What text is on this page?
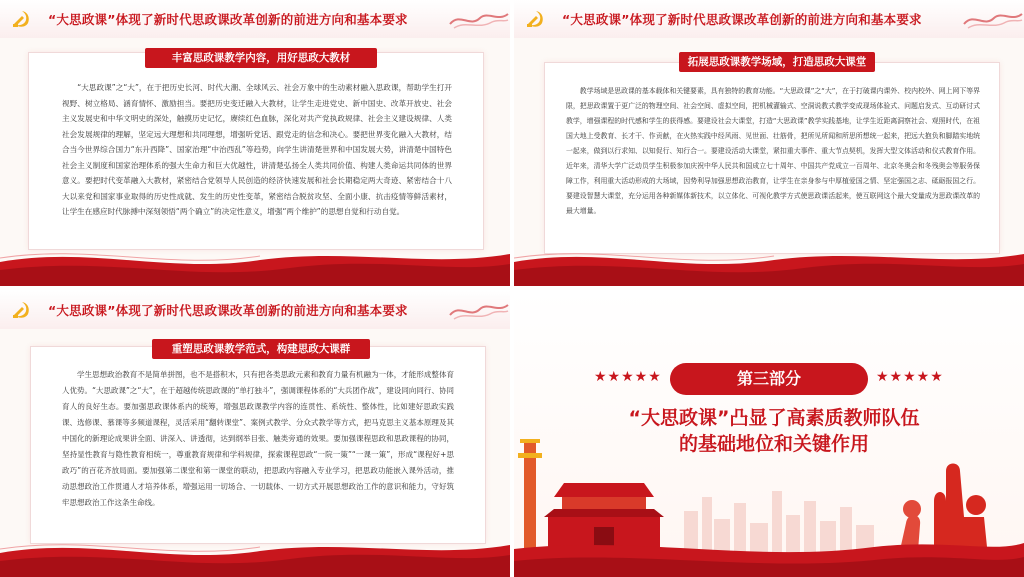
“大思政课”体现了新时代思政课改革创新的前进方向和基本要求
丰富思政课教学内容，用好思政大教材
“大思政课”之“大”，在于把历史长河、时代大潮、全球风云、社会万象中的生动素材融入思政课，帮助学生打开视野、树立格局、涵育情怀、激励担当。要把历史变迁融入大教材，让学生走进党史、新中国史、改革开放史、社会主义发展史和中华文明史的深处，触摸历史记忆，赓续红色血脉，深化对共产党执政规律、社会主义建设规律、人类社会发展规律的理解，坚定远大理想和共同理想，增强听党话、跟党走的信念和决心。要把世界变化融入大教材，结合当今世界综合国力“东升西降”、国家治理“中治西乱”等趋势，向学生讲清楚世界和中国发展大势，讲清楚中国特色社会主义制度和国家治理体系的强大生命力和巨大优越性，讲清楚弘扬全人类共同价值、构建人类命运共同体的世界意义。要把时代变革融入大教材，紧密结合党领导人民创造的经济快速发展和社会长期稳定两大奇迹、紧密结合十八大以来党和国家事业取得的历史性成就、发生的历史性变革，紧密结合脱贫攻坚、全面小康、抗击疫情等鲜活素材，让学生在感应时代脉搏中深刻领悟“两个确立”的决定性意义，增强“两个维护”的思想自觉和行动自觉。
“大思政课”体现了新时代思政课改革创新的前进方向和基本要求
拓展思政课教学场域，打造思政大课堂
教学场域是思政课的基本载体和关键要素，具有独特的教育功能。“大思政课”之“大”，在于打破课内课外、校内校外、网上网下等界限，把思政课置于更广泛的物理空间、社会空间、虚拟空间，把机械灌输式、空洞说教式教学变成现场体验式、问题启发式、互动研讨式教学，增强课程的时代感和学生的获得感。要建设社会大课堂，打造“大思政课”教学实践基地，让学生近距离洞察社会、观照时代，在祖国大地上受教育、长才干、作贡献，在火热实践中经风雨、见世面、壮筋骨，把所见所闻和所思所想统一起来，把远大抱负和脚踏实地统一起来，做到以行求知、以知促行、知行合一。要建设活动大课堂，紧扣重大事件、重大节点契机，发挥大型文体活动和仪式教育作用。近年来，清华大学广泛动员学生积极参加庆祝中华人民共和国成立七十周年、中国共产党成立一百周年、北京冬奥会和冬残奥会等服务保障工作，利用重大活动形成的大场域，因势利导加强思想政治教育，让学生在亲身参与中厚植爱国之情、坚定强国之志、砥砺报国之行。要建设智慧大课堂，充分运用各种新媒体新技术，以立体化、可视化教学方式使思政课活起来，使互联网这个最大变量成为思政课改革的最大增量。
“大思政课”体现了新时代思政课改革创新的前进方向和基本要求
重塑思政课教学范式，构建思政大课群
学生思想政治教育不是简单拼图，也不是搭积木，只有把各类思政元素和教育力量有机融为一体，才能形成整体育人优势。“大思政课”之“大”，在于超越传统思政课的“单打独斗”，强调课程体系的“大兵团作战”，建设同向同行、协同育人的良好生态。要加强思政课体系内的统筹，增强思政课教学内容的连贯性、系统性、整体性，比如建好思政实践课、选修课、慕课等多频道课程，灵活采用“翻转课堂”、案例式教学、分众式教学等方式，把马克思主义基本原理及其中国化的新理论成果讲全面、讲深入、讲透彻，达到纲举目张、触类旁通的效果。要加强课程思政和思政课程的协同，坚持显性教育与隐性教育相统一，尊重教育规律和学科规律，探索课程思政“一院一策”“一课一策”，形成“课程好+思政巧”的百花齐放局面。要加强第二课堂和第一课堂的联动，把思政内容融入专业学习，把思政功能嵌入课外活动，推动思想政治工作贯通人才培养体系，增强运用一切场合、一切载体、一切方式开展思想政治工作的意识和能力，守好筑牢思想政治工作这条生命线。
★★★★★	第三部分	★★★★★
“大思政课”凸显了高素质教师队伍
的基础地位和关键作用
